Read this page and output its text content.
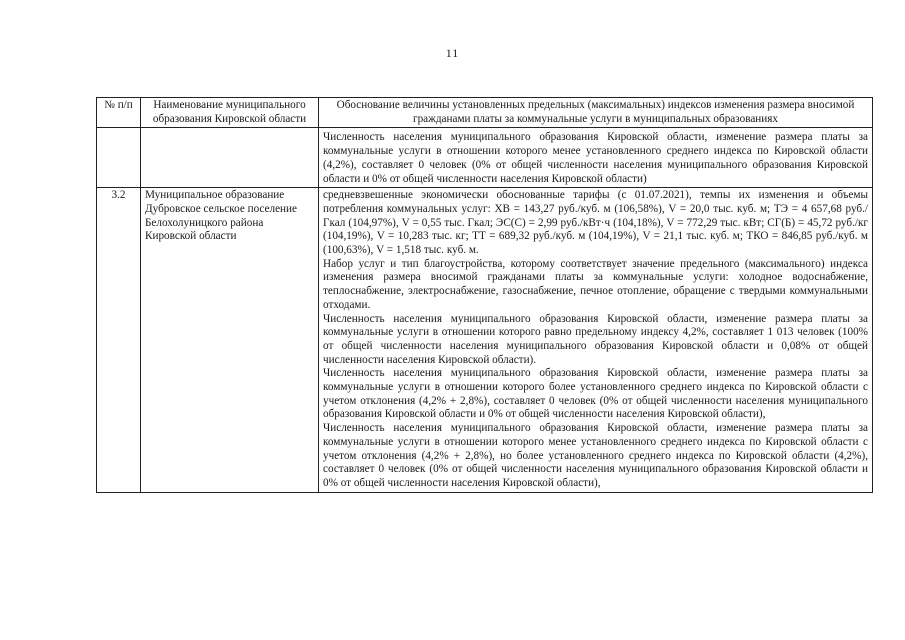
11
№ п/п	Наименование муниципального образования Кировской области	Обоснование величины установленных предельных (максимальных) индексов изменения размера вносимой гражданами платы за коммунальные услуги в муниципальных образованиях

		Численность населения муниципального образования Кировской области, изменение размера платы за коммунальные услуги в отношении которого менее установленного среднего индекса по Кировской области (4,2%), составляет 0 человек (0% от общей численности населения муниципального образования Кировской области и 0% от общей численности населения Кировской области)

3.2	Муниципальное образование Дубровское сельское поселение Белохолуницкого района Кировской области	средневзвешенные экономически обоснованные тарифы (с 01.07.2021), темпы их изменения и объемы потребления коммунальных услуг: ХВ = 143,27 руб./куб. м (106,58%), V = 20,0 тыс. куб. м; ТЭ = 4 657,68 руб./Гкал (104,97%), V = 0,55 тыс. Гкал; ЭС(С) = 2,99 руб./кВт·ч (104,18%), V = 772,29 тыс. кВт; СГ(Б) = 45,72 руб./кг (104,19%), V = 10,283 тыс. кг; ТТ = 689,32 руб./куб. м (104,19%), V = 21,1 тыс. куб. м; ТКО = 846,85 руб./куб. м (100,63%), V = 1,518 тыс. куб. м.

Набор услуг и тип благоустройства, которому соответствует значение предельного (максимального) индекса изменения размера вносимой гражданами платы за коммунальные услуги: холодное водоснабжение, теплоснабжение, электроснабжение, газоснабжение, печное отопление, обращение с твердыми коммунальными отходами.

Численность населения муниципального образования Кировской области, изменение размера платы за коммунальные услуги в отношении которого равно предельному индексу 4,2%, составляет 1 013 человек (100% от общей численности населения муниципального образования Кировской области и 0,08% от общей численности населения Кировской области).

Численность населения муниципального образования Кировской области, изменение размера платы за коммунальные услуги в отношении которого более установленного среднего индекса по Кировской области с учетом отклонения (4,2% + 2,8%), составляет 0 человек (0% от общей численности населения муниципального образования Кировской области и 0% от общей численности населения Кировской области),

Численность населения муниципального образования Кировской области, изменение размера платы за коммунальные услуги в отношении которого менее установленного среднего индекса по Кировской области с учетом отклонения (4,2% + 2,8%), но более установленного среднего индекса по Кировской области (4,2%), составляет 0 человек (0% от общей численности населения муниципального образования Кировской области и 0% от общей численности населения Кировской области),
